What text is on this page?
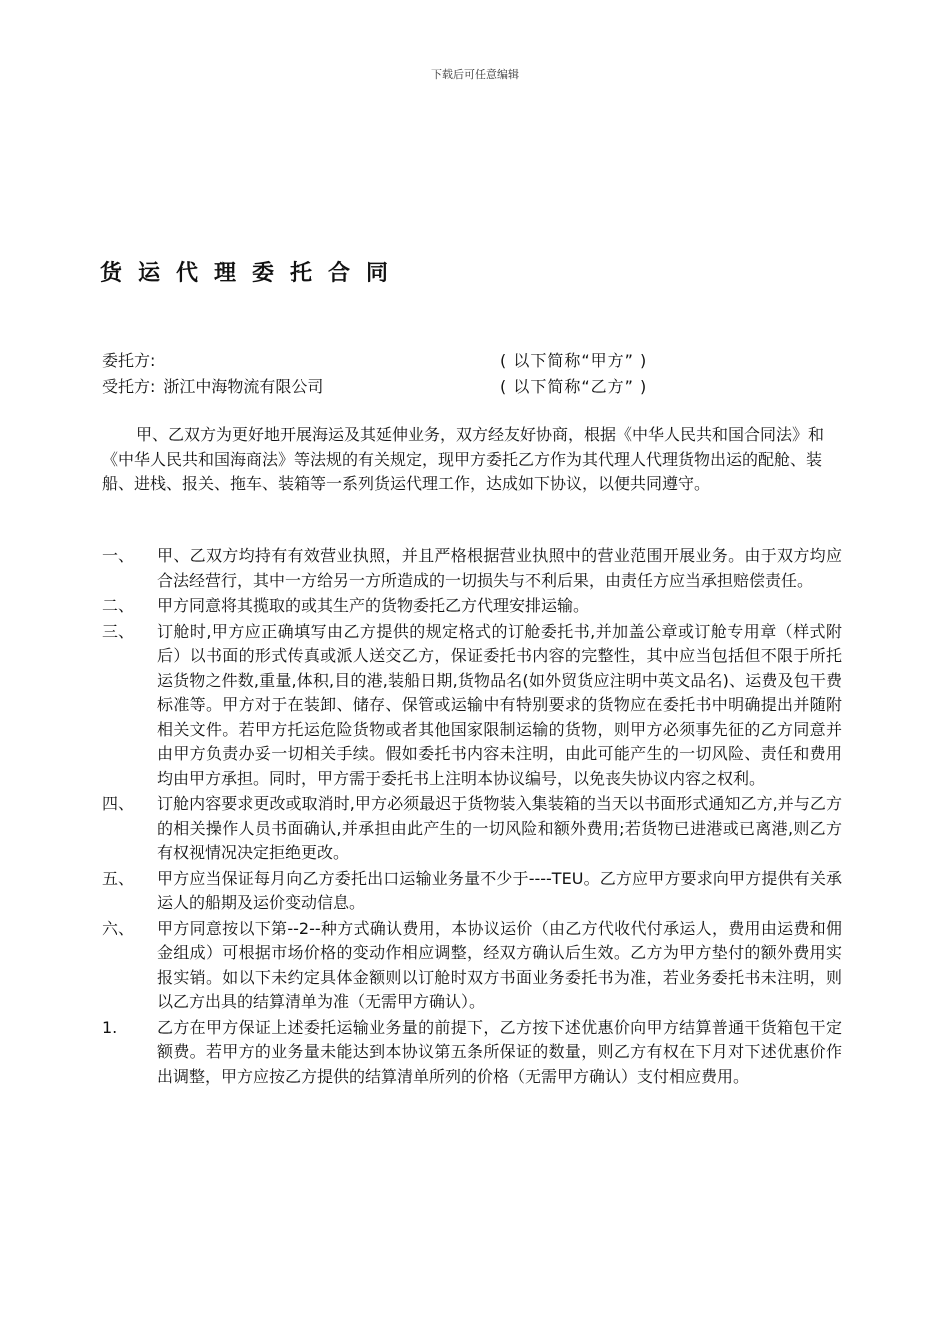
下载后可任意编辑
货运代理委托合同
委托方:	( 以下简称“甲方” )
受托方: 浙江中海物流有限公司	( 以下简称“乙方” )
甲、乙双方为更好地开展海运及其延伸业务，双方经友好协商，根据《中华人民共和国合同法》和《中华人民共和国海商法》等法规的有关规定，现甲方委托乙方作为其代理人代理货物出运的配舱、装船、进栈、报关、拖车、装箱等一系列货运代理工作，达成如下协议，以便共同遵守。
一、	甲、乙双方均持有有效营业执照，并且严格根据营业执照中的营业范围开展业务。由于双方均应合法经营行，其中一方给另一方所造成的一切损失与不利后果，由责任方应当承担赔偿责任。
二、	甲方同意将其揽取的或其生产的货物委托乙方代理安排运输。
三、	订舱时,甲方应正确填写由乙方提供的规定格式的订舱委托书,并加盖公章或订舱专用章（样式附后）以书面的形式传真或派人送交乙方，保证委托书内容的完整性，其中应当包括但不限于所托运货物之件数,重量,体积,目的港,装船日期,货物品名(如外贸货应注明中英文品名)、运费及包干费标准等。甲方对于在装卸、储存、保管或运输中有特别要求的货物应在委托书中明确提出并随附相关文件。若甲方托运危险货物或者其他国家限制运输的货物，则甲方必须事先征的乙方同意并由甲方负责办妥一切相关手续。假如委托书内容未注明，由此可能产生的一切风险、责任和费用均由甲方承担。同时，甲方需于委托书上注明本协议编号，以免丧失协议内容之权利。
四、	订舱内容要求更改或取消时,甲方必须最迟于货物装入集装箱的当天以书面形式通知乙方,并与乙方的相关操作人员书面确认,并承担由此产生的一切风险和额外费用;若货物已进港或已离港,则乙方有权视情况决定拒绝更改。
五、	甲方应当保证每月向乙方委托出口运输业务量不少于----TEU。乙方应甲方要求向甲方提供有关承运人的船期及运价变动信息。
六、	甲方同意按以下第--2--种方式确认费用，本协议运价（由乙方代收代付承运人，费用由运费和佣金组成）可根据市场价格的变动作相应调整，经双方确认后生效。乙方为甲方垫付的额外费用实报实销。如以下未约定具体金额则以订舱时双方书面业务委托书为准，若业务委托书未注明，则以乙方出具的结算清单为准（无需甲方确认）。
1.	乙方在甲方保证上述委托运输业务量的前提下，乙方按下述优惠价向甲方结算普通干货箱包干定额费。若甲方的业务量未能达到本协议第五条所保证的数量，则乙方有权在下月对下述优惠价作出调整，甲方应按乙方提供的结算清单所列的价格（无需甲方确认）支付相应费用。
